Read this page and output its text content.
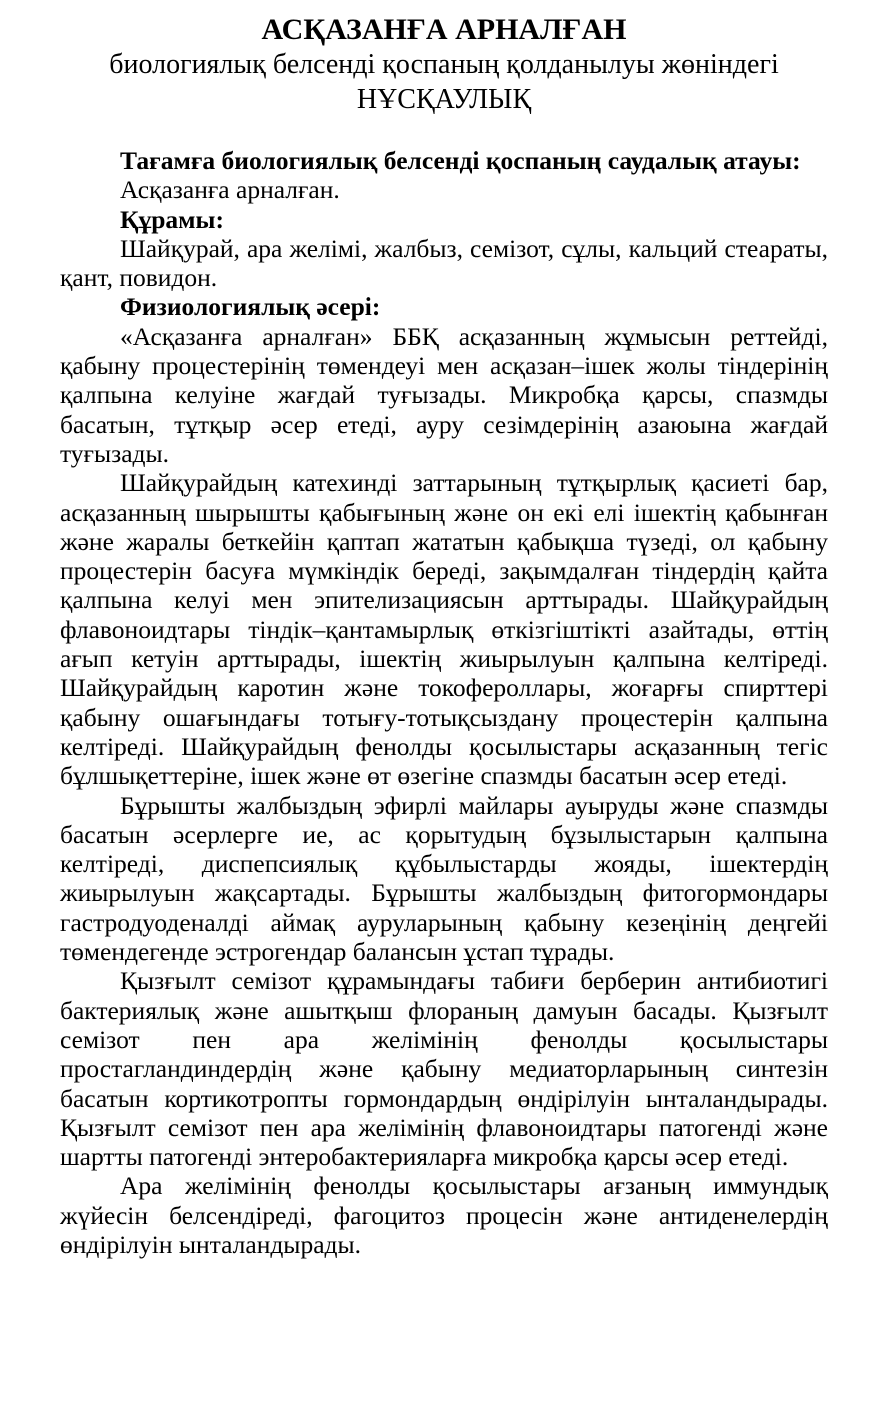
АСҚАЗАНҒА АРНАЛҒАН
биологиялық белсенді қоспаның қолданылуы жөніндегі
НҰСҚАУЛЫҚ

Тағамға биологиялық белсенді қоспаның саудалық атауы:

Асқазанға арналған.

Құрамы:

Шайқурай, ара желімі, жалбыз, семізот, сұлы, кальций стеараты, қант, повидон.

Физиологиялық әсері:

«Асқазанға арналған» ББҚ асқазанның жұмысын реттейді, қабыну процестерінің төмендеуі мен асқазан–ішек жолы тіндерінің қалпына келуіне жағдай туғызады. Микробқа қарсы, спазмды басатын, тұтқыр әсер етеді, ауру сезімдерінің азаюына жағдай туғызады.

Шайқурайдың катехинді заттарының тұтқырлық қасиеті бар, асқазанның шырышты қабығының және он екі елі ішектің қабынған және жаралы беткейін қаптап жататын қабықша түзеді, ол қабыну процестерін басуға мүмкіндік береді, зақымдалған тіндердің қайта қалпына келуі мен эпителизациясын арттырады. Шайқурайдың флавоноидтары тіндік–қантамырлық өткізгіштікті азайтады, өттің ағып кетуін арттырады, ішектің жиырылуын қалпына келтіреді. Шайқурайдың каротин және токофероллары, жоғарғы спирттері қабыну ошағындағы тотығу-тотықсыздану процестерін қалпына келтіреді. Шайқурайдың фенолды қосылыстары асқазанның тегіс бұлшықеттеріне, ішек және өт өзегіне спазмды басатын әсер етеді.

Бұрышты жалбыздың эфирлі майлары ауыруды және спазмды басатын әсерлерге ие, ас қорытудың бұзылыстарын қалпына келтіреді, диспепсиялық құбылыстарды жояды, ішектердің жиырылуын жақсартады. Бұрышты жалбыздың фитогормондары гастродуоденалді аймақ ауруларының қабыну кезеңінің деңгейі төмендегенде эстрогендар балансын ұстап тұрады.

Қызғылт семізот құрамындағы табиғи берберин антибиотигі бактериялық және ашытқыш флораның дамуын басады. Қызғылт семізот пен ара желімінің фенолды қосылыстары простагландиндердің және қабыну медиаторларының синтезін басатын кортикотропты гормондардың өндірілуін ынталандырады. Қызғылт семізот пен ара желімінің флавоноидтары патогенді және шартты патогенді энтеробактерияларға микробқа қарсы әсер етеді.

Ара желімінің фенолды қосылыстары ағзаның иммундық жүйесін белсендіреді, фагоцитоз процесін және антиденелердің өндірілуін ынталандырады.
